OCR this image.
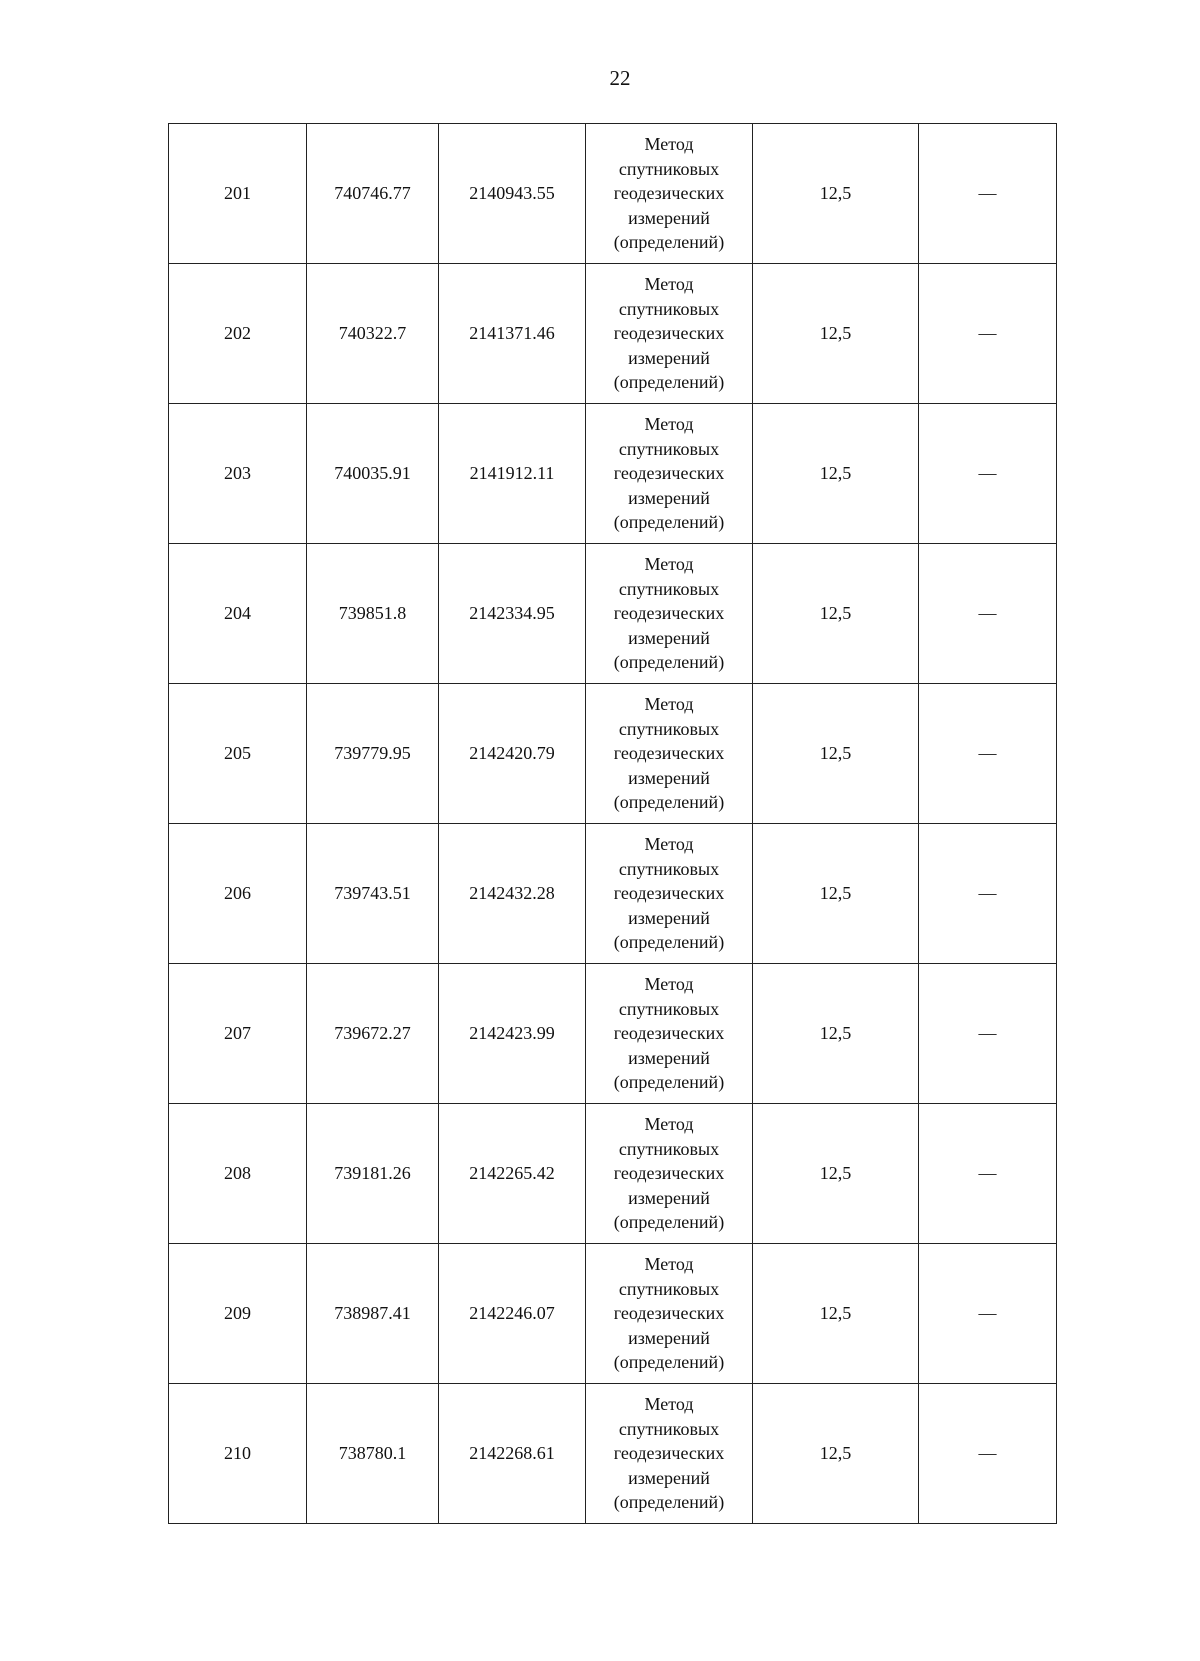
22
201	740746.77	2140943.55	Метод
спутниковых
геодезических
измерений
(определений)	12,5	—
202	740322.7	2141371.46	Метод
спутниковых
геодезических
измерений
(определений)	12,5	—
203	740035.91	2141912.11	Метод
спутниковых
геодезических
измерений
(определений)	12,5	—
204	739851.8	2142334.95	Метод
спутниковых
геодезических
измерений
(определений)	12,5	—
205	739779.95	2142420.79	Метод
спутниковых
геодезических
измерений
(определений)	12,5	—
206	739743.51	2142432.28	Метод
спутниковых
геодезических
измерений
(определений)	12,5	—
207	739672.27	2142423.99	Метод
спутниковых
геодезических
измерений
(определений)	12,5	—
208	739181.26	2142265.42	Метод
спутниковых
геодезических
измерений
(определений)	12,5	—
209	738987.41	2142246.07	Метод
спутниковых
геодезических
измерений
(определений)	12,5	—
210	738780.1	2142268.61	Метод
спутниковых
геодезических
измерений
(определений)	12,5	—
